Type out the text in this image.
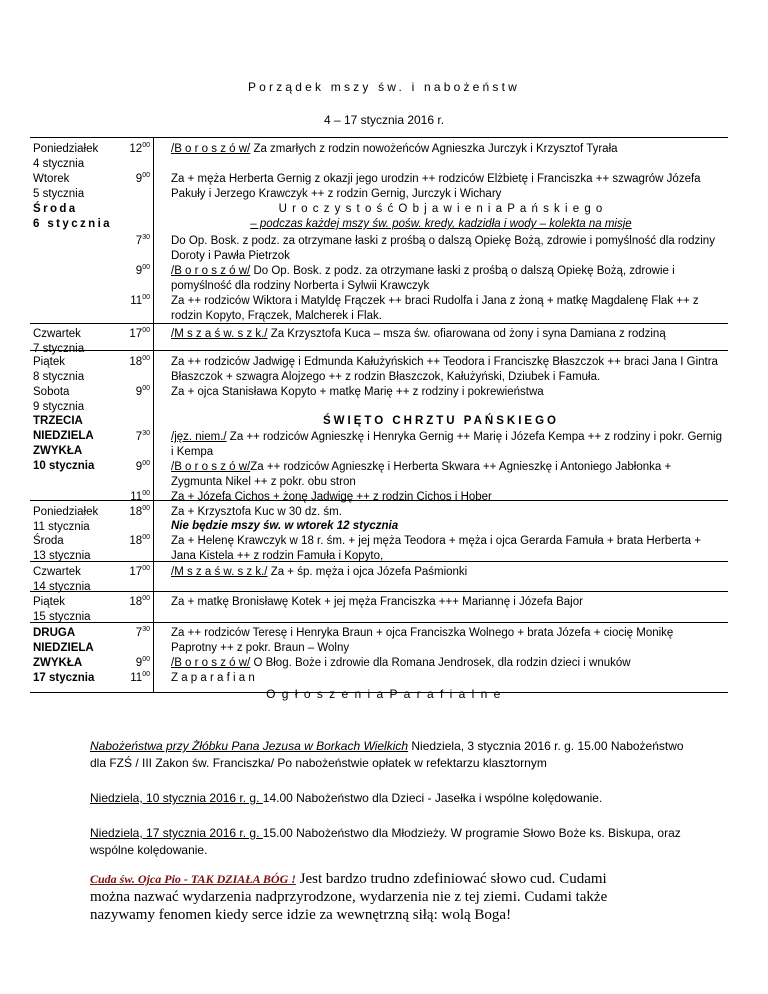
Porządek mszy św. i nabożeństw
4 – 17 stycznia 2016 r.
Poniedziałek
4 stycznia
Wtorek
5 stycznia
Środa
6 stycznia
Czwartek
7 stycznia
Piątek
8 stycznia
Sobota
9 stycznia
TRZECIA
NIEDZIELA
ZWYKŁA
10 stycznia
Poniedziałek
11 stycznia
Środa
13 stycznia
Czwartek
14 stycznia
Piątek
15 stycznia
DRUGA
NIEDZIELA
ZWYKŁA
17 stycznia
$12^{00}$
$9^{00}$
$7^{30}$
$9^{00}$
$11^{00}$
$17^{00}$
$18^{00}$
$9^{00}$
$7^{30}$
$9^{00}$
$11^{00}$
$18^{00}$
$18^{00}$
$17^{00}$
$18^{00}$
$7^{30}$
$9^{00}$
$11^{00}$
/B o r o s z ó w/ Za zmarłych z rodzin nowożeńców Agnieszka Jurczyk i Krzysztof Tyrała
Za + męża Herberta Gernig z okazji jego urodzin ++ rodziców Elżbietę i Franciszka ++ szwagrów Józefa
Pakuły i Jerzego Krawczyk ++ z rodzin Gernig, Jurczyk i Wichary
U r o c z y s t o ś ć O b j a w i e n i a P a ń s k i e g o
– podczas każdej mszy św. pośw. kredy, kadzidła i wody – kolekta na misje
Do Op. Bosk. z podz. za otrzymane łaski z prośbą o dalszą Opiekę Bożą, zdrowie i pomyślność dla rodziny
Doroty i Pawła Pietrzok
/B o r o s z ó w/ Do Op. Bosk. z podz. za otrzymane łaski z prośbą o dalszą Opiekę Bożą, zdrowie i
pomyślność dla rodziny Norberta i Sylwii Krawczyk
Za ++ rodziców Wiktora i Matyldę Frączek ++ braci Rudolfa i Jana z żoną + matkę Magdalenę Flak ++ z
rodzin Kopyto, Frączek, Malcherek i Flak.
/M s z a ś w. s z k./ Za Krzysztofa Kuca – msza św. ofiarowana od żony i syna Damiana z rodziną
Za ++ rodziców Jadwigę i Edmunda Kałużyńskich ++ Teodora i Franciszkę Błaszczok ++ braci Jana I Gintra
Błaszczok + szwagra Alojzego ++ z rodzin Błaszczok, Kałużyński, Dziubek i Famuła.
Za + ojca Stanisława Kopyto + matkę Marię ++ z rodziny i pokrewieństwa
ŚWIĘTO CHRZTU PAŃSKIEGO
/jęz. niem./ Za ++ rodziców Agnieszkę i Henryka Gernig ++ Marię i Józefa Kempa ++ z rodziny i pokr. Gernig
i Kempa
/B o r o s z ó w/Za ++ rodziców Agnieszkę i Herberta Skwara ++ Agnieszkę i Antoniego Jabłonka +
Zygmunta Nikel ++ z pokr. obu stron
Za + Józefa Cichos + żonę Jadwigę ++ z rodzin Cichos i Hober
Za + Krzysztofa Kuc w 30 dz. śm.
Nie będzie mszy św. w wtorek 12 stycznia
Za + Helenę Krawczyk w 18 r. śm. + jej męża Teodora + męża i ojca Gerarda Famuła + brata Herberta +
Jana Kistela ++ z rodzin Famuła i Kopyto,
/M s z a ś w. s z k./ Za + śp. męża i ojca Józefa Paśmionki
Za + matkę Bronisławę Kotek + jej męża Franciszka +++ Mariannę i Józefa Bajor
Za ++ rodziców Teresę i Henryka Braun + ojca Franciszka Wolnego + brata Józefa + ciocię Monikę
Paprotny ++ z pokr. Braun – Wolny
/B o r o s z ó w/ O Błog. Boże i zdrowie dla Romana Jendrosek, dla rodzin dzieci i wnuków
Z a p a r a f i a n
O g ł o s z e n i a P a r a f i a l n e
Nabożeństwa przy Żłóbku Pana Jezusa w Borkach Wielkich Niedziela, 3 stycznia 2016 r. g. 15.00 Nabożeństwo
dla FZŚ / III Zakon św. Franciszka/ Po nabożeństwie opłatek w refektarzu klasztornym
Niedziela, 10 stycznia 2016 r. g. 14.00 Nabożeństwo dla Dzieci - Jasełka i wspólne kolędowanie.
Niedziela, 17 stycznia 2016 r. g. 15.00 Nabożeństwo dla Młodzieży. W programie Słowo Boże ks. Biskupa, oraz
wspólne kolędowanie.
Cuda św. Ojca Pio - TAK DZIAŁA BÓG ! Jest bardzo trudno zdefiniować słowo cud. Cudami
można nazwać wydarzenia nadprzyrodzone, wydarzenia nie z tej ziemi. Cudami także
nazywamy fenomen kiedy serce idzie za wewnętrzną siłą: wolą Boga!
